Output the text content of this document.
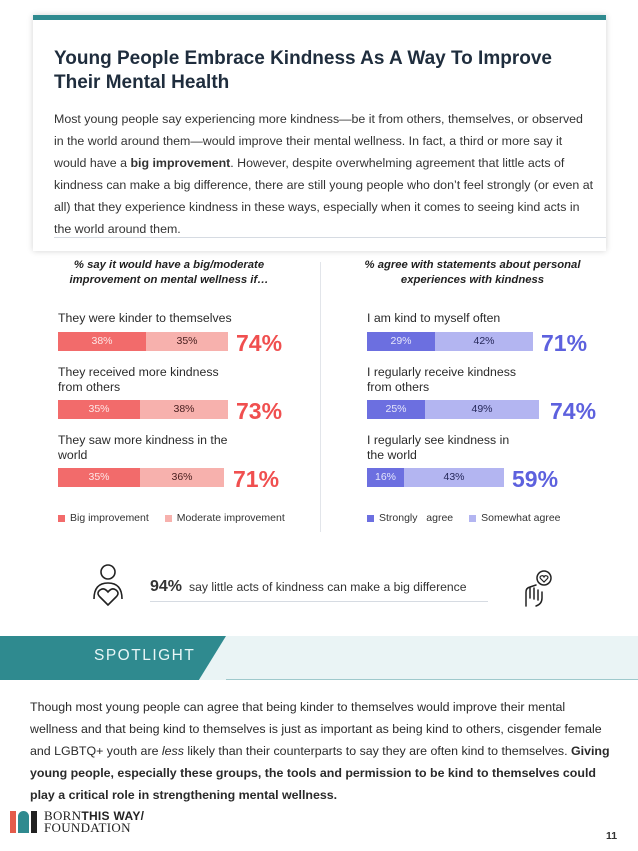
Young People Embrace Kindness As A Way To Improve Their Mental Health
Most young people say experiencing more kindness—be it from others, themselves, or observed in the world around them—would improve their mental wellness. In fact, a third or more say it would have a big improvement. However, despite overwhelming agreement that little acts of kindness can make a big difference, there are still young people who don’t feel strongly (or even at all) that they experience kindness in these ways, especially when it comes to seeing kind acts in the world around them.
% say it would have a big/moderate improvement on mental wellness if…
They were kinder to themselves
38%	35%	74%
They received more kindness from others
35%	38%	73%
They saw more kindness in the world
35%	36%	71%
Big improvement	Moderate improvement
% agree with statements about personal experiences with kindness
I am kind to myself often
29%	42%	71%
I regularly receive kindness from others
25%	49%	74%
I regularly see kindness in the world
16%	43%	59%
Strongly   agree	Somewhat agree
94% say little acts of kindness can make a big difference
SPOTLIGHT
Though most young people can agree that being kinder to themselves would improve their mental wellness and that being kind to themselves is just as important as being kind to others, cisgender female and LGBTQ+ youth are less likely than their counterparts to say they are often kind to themselves. Giving young people, especially these groups, the tools and permission to be kind to themselves could play a critical role in strengthening mental wellness.
BORNTHIS WAY/
FOUNDATION
11
